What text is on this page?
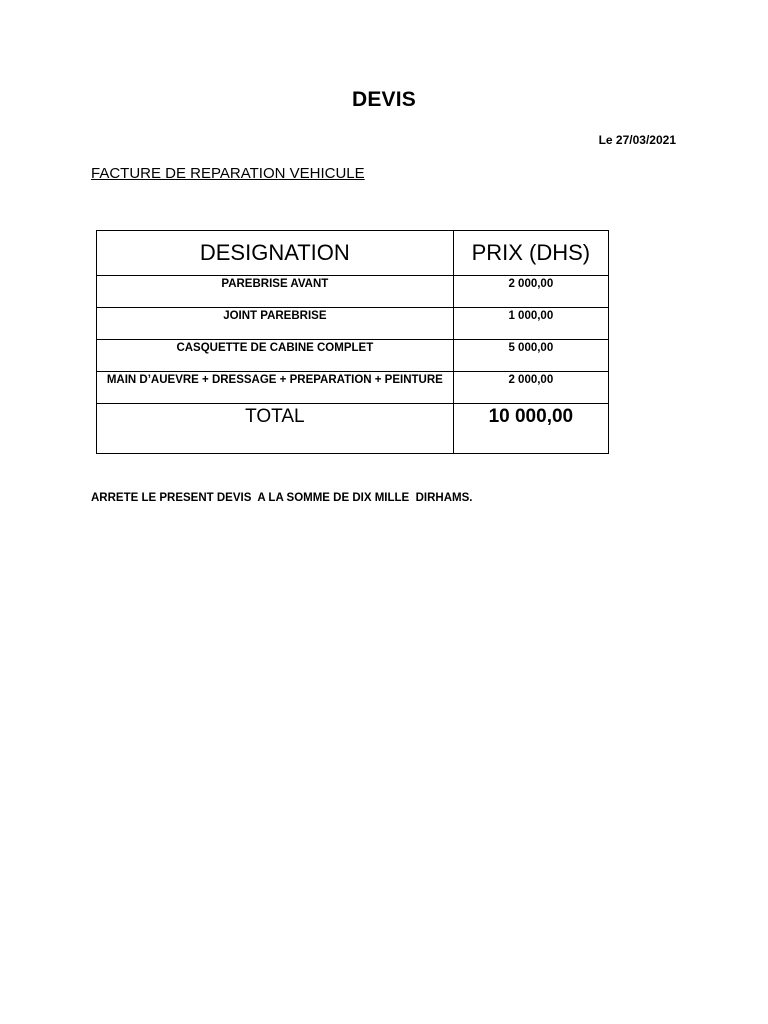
DEVIS
Le 27/03/2021
FACTURE DE REPARATION VEHICULE
DESIGNATION	PRIX (DHS)
PAREBRISE AVANT	2 000,00
JOINT PAREBRISE	1 000,00
CASQUETTE DE CABINE COMPLET	5 000,00
MAIN D’AUEVRE + DRESSAGE + PREPARATION + PEINTURE	2 000,00
TOTAL	10 000,00
ARRETE LE PRESENT DEVIS  A LA SOMME DE DIX MILLE  DIRHAMS.
